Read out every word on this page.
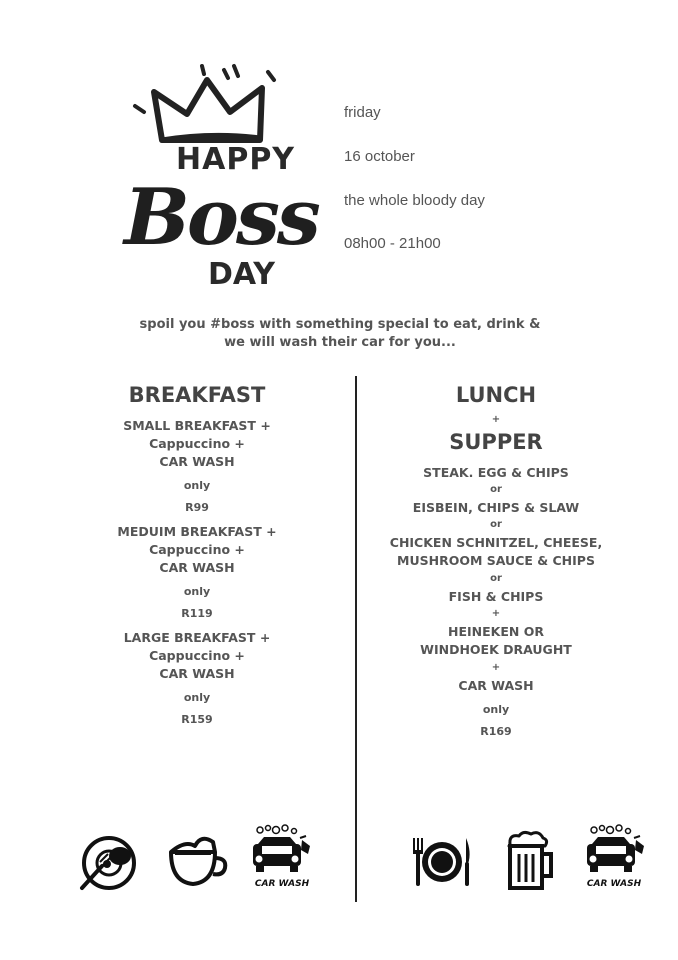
HAPPY
Boss
DAY
friday
16 october
the whole bloody day
08h00 - 21h00
spoil you #boss with something special to eat, drink &
we will wash their car for you...
BREAKFAST
SMALL BREAKFAST +
Cappuccino +
CAR WASH
only
R99
MEDUIM BREAKFAST +
Cappuccino +
CAR WASH
only
R119
LARGE BREAKFAST +
Cappuccino +
CAR WASH
only
R159
LUNCH
+
SUPPER
STEAK. EGG & CHIPS
or
EISBEIN, CHIPS & SLAW
or
CHICKEN SCHNITZEL, CHEESE,
MUSHROOM SAUCE & CHIPS
or
FISH & CHIPS
+
HEINEKEN OR
WINDHOEK DRAUGHT
+
CAR WASH
only
R169
CAR WASH	CAR WASH
